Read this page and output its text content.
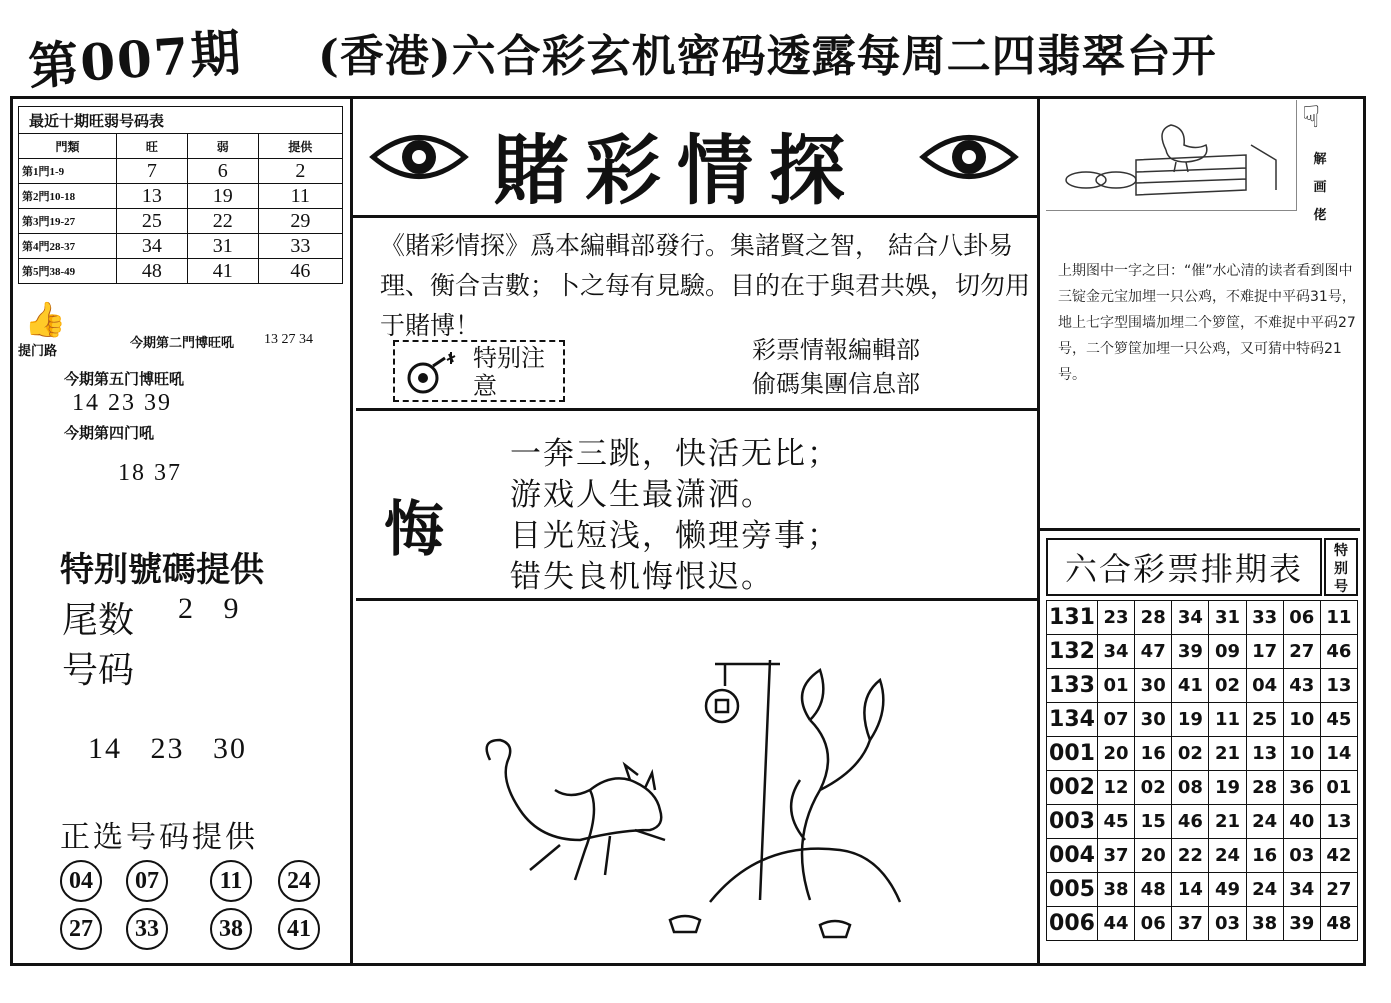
第007期 (香港)六合彩玄机密码透露每周二四翡翠台开
最近十期旺弱号码表			
門類	旺	弱	提供
第1門1-9	7	6	2
第2門10-18	13	19	11
第3門19-27	25	22	29
第4門28-37	34	31	33
第5門38-49	48	41	46
👍
提门路
今期第二門博旺吼 13 27 34
今期第五门博旺吼
14 23 39
今期第四门吼
18 37
特别號碼提供
尾数 2   9
号码
14   23   30
正选号码提供
04	07	11	24
27	33	38	41
賭彩情探
《賭彩情探》爲本編輯部發行。集諸賢之智， 結合八卦易理、衡合吉數；卜之每有見驗。目的在于與君共娛，切勿用于賭博！
特别注意
彩票情報編輯部
偷碼集團信息部
悔
一奔三跳，快活无比；
游戏人生最潇洒。
目光短浅，懒理旁事；
错失良机悔恨迟。
☟
解画佬
上期图中一字之曰：“催”水心清的读者看到图中三锭金元宝加埋一只公鸡，不难捉中平码31号，地上七字型围墙加埋二个箩筐，不难捉中平码27号，二个箩筐加埋一只公鸡，又可猜中特码21号。
六合彩票排期表	特别号
131	23	28	34	31	33	06	11
132	34	47	39	09	17	27	46
133	01	30	41	02	04	43	13
134	07	30	19	11	25	10	45
001	20	16	02	21	13	10	14
002	12	02	08	19	28	36	01
003	45	15	46	21	24	40	13
004	37	20	22	24	16	03	42
005	38	48	14	49	24	34	27
006	44	06	37	03	38	39	48
